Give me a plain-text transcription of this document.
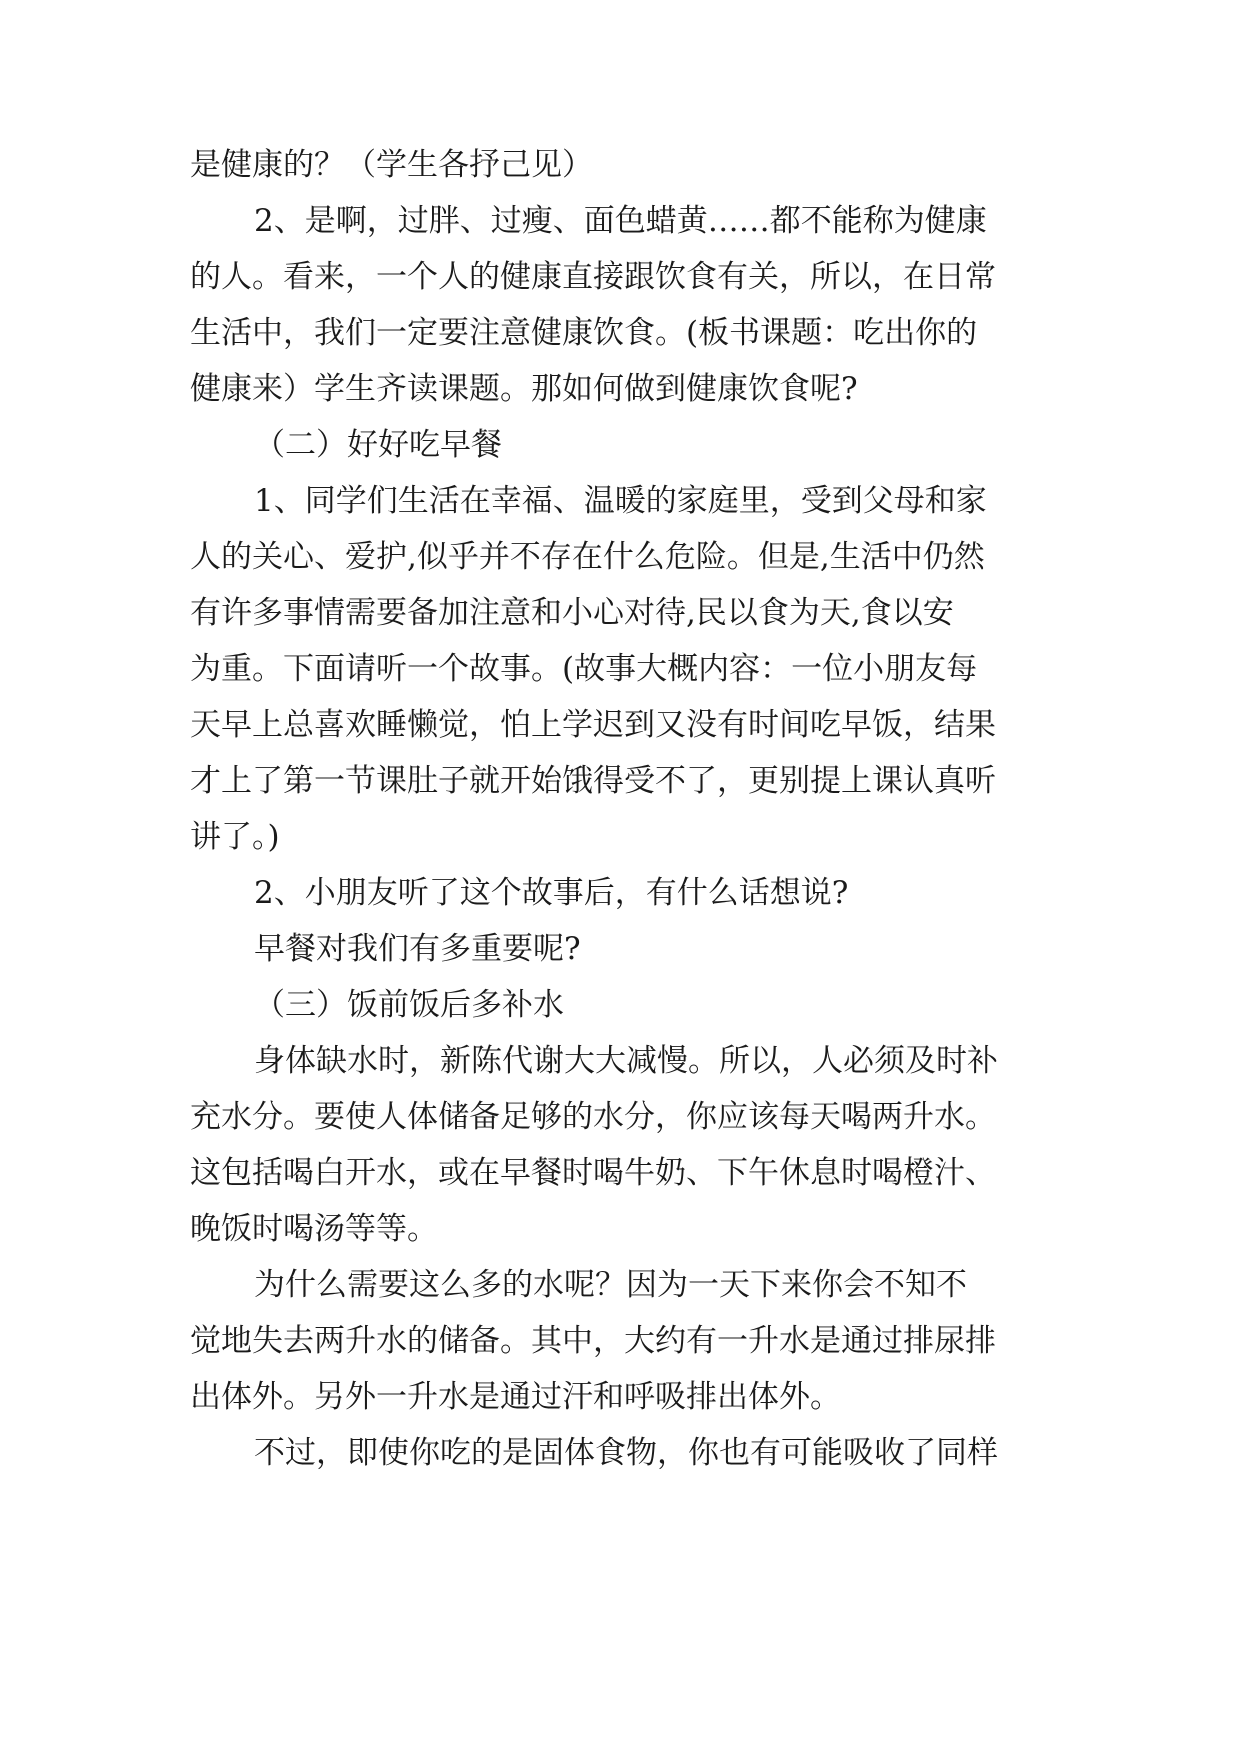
是健康的？（学生各抒己见）
2、是啊，过胖、过瘦、面色蜡黄……都不能称为健康
的人。看来，一个人的健康直接跟饮食有关，所以，在日常
生活中，我们一定要注意健康饮食。(板书课题：吃出你的
健康来）学生齐读课题。那如何做到健康饮食呢?
（二）好好吃早餐
1、同学们生活在幸福、温暖的家庭里，受到父母和家
人的关心、爱护,似乎并不存在什么危险。但是,生活中仍然
有许多事情需要备加注意和小心对待,民以食为天,食以安
为重。下面请听一个故事。(故事大概内容：一位小朋友每
天早上总喜欢睡懒觉，怕上学迟到又没有时间吃早饭，结果
才上了第一节课肚子就开始饿得受不了，更别提上课认真听
讲了。)
2、小朋友听了这个故事后，有什么话想说?
早餐对我们有多重要呢?
（三）饭前饭后多补水
身体缺水时，新陈代谢大大减慢。所以，人必须及时补
充水分。要使人体储备足够的水分，你应该每天喝两升水。
这包括喝白开水，或在早餐时喝牛奶、下午休息时喝橙汁、
晚饭时喝汤等等。
为什么需要这么多的水呢？因为一天下来你会不知不
觉地失去两升水的储备。其中，大约有一升水是通过排尿排
出体外。另外一升水是通过汗和呼吸排出体外。
不过，即使你吃的是固体食物，你也有可能吸收了同样
